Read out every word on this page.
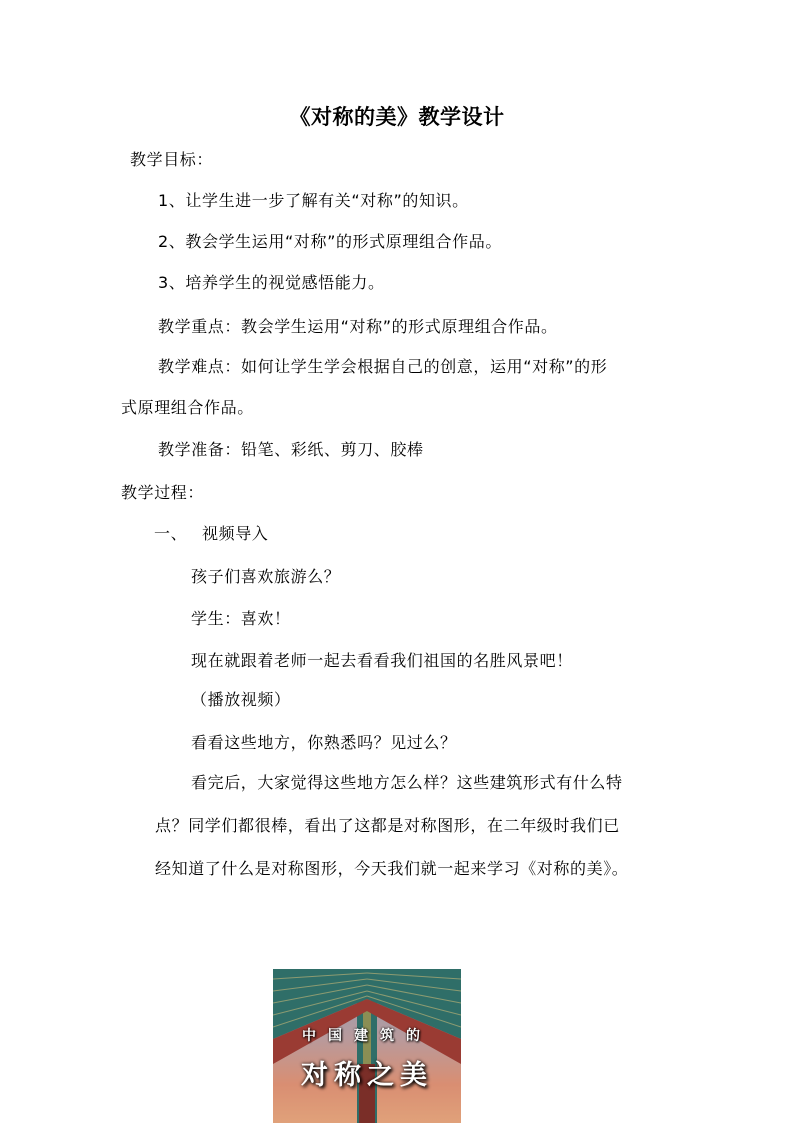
《对称的美》教学设计
教学目标：
1、让学生进一步了解有关“对称”的知识。
2、教会学生运用“对称”的形式原理组合作品。
3、培养学生的视觉感悟能力。
教学重点：教会学生运用“对称”的形式原理组合作品。
教学难点：如何让学生学会根据自己的创意，运用“对称”的形
式原理组合作品。
教学准备：铅笔、彩纸、剪刀、胶棒
教学过程：
一、 视频导入
孩子们喜欢旅游么？
学生：喜欢！
现在就跟着老师一起去看看我们祖国的名胜风景吧！
（播放视频）
看看这些地方，你熟悉吗？见过么？
看完后，大家觉得这些地方怎么样？这些建筑形式有什么特
点？同学们都很棒，看出了这都是对称图形，在二年级时我们已
经知道了什么是对称图形，今天我们就一起来学习《对称的美》。
中国建筑的
对称之美
